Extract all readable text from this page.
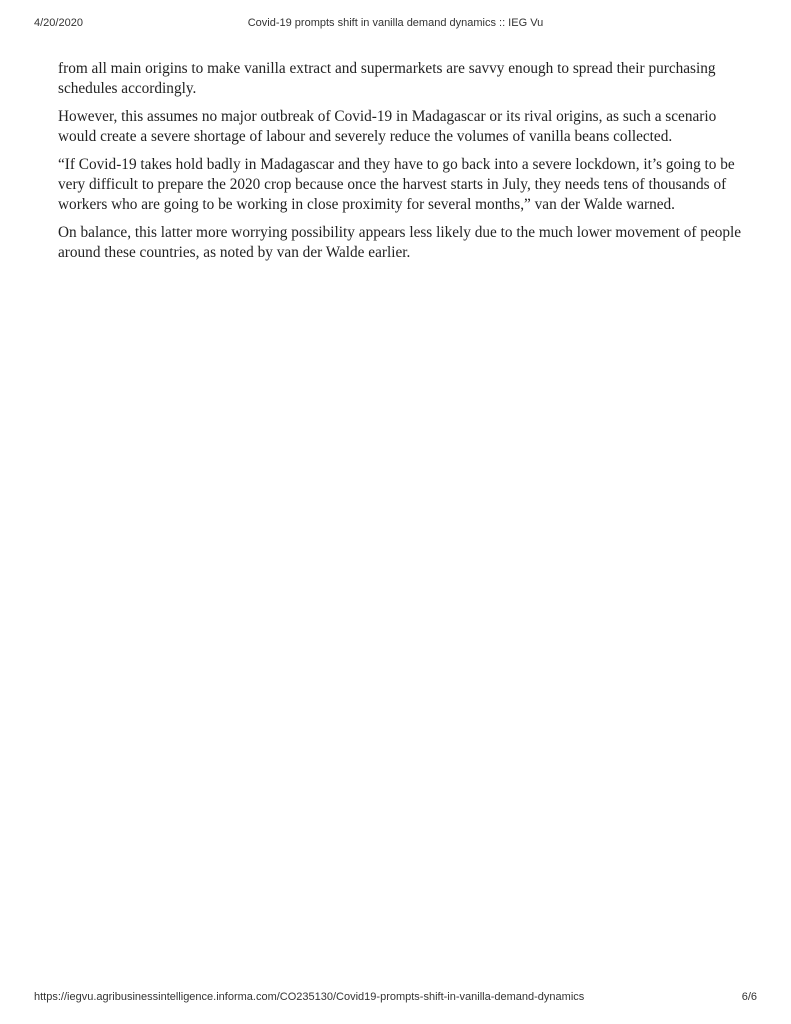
4/20/2020	Covid-19 prompts shift in vanilla demand dynamics :: IEG Vu

from all main origins to make vanilla extract and supermarkets are savvy enough to spread their purchasing schedules accordingly.

However, this assumes no major outbreak of Covid-19 in Madagascar or its rival origins, as such a scenario would create a severe shortage of labour and severely reduce the volumes of vanilla beans collected.

“If Covid-19 takes hold badly in Madagascar and they have to go back into a severe lockdown, it’s going to be very difficult to prepare the 2020 crop because once the harvest starts in July, they needs tens of thousands of workers who are going to be working in close proximity for several months,” van der Walde warned.

On balance, this latter more worrying possibility appears less likely due to the much lower movement of people around these countries, as noted by van der Walde earlier.

https://iegvu.agribusinessintelligence.informa.com/CO235130/Covid19-prompts-shift-in-vanilla-demand-dynamics	6/6
